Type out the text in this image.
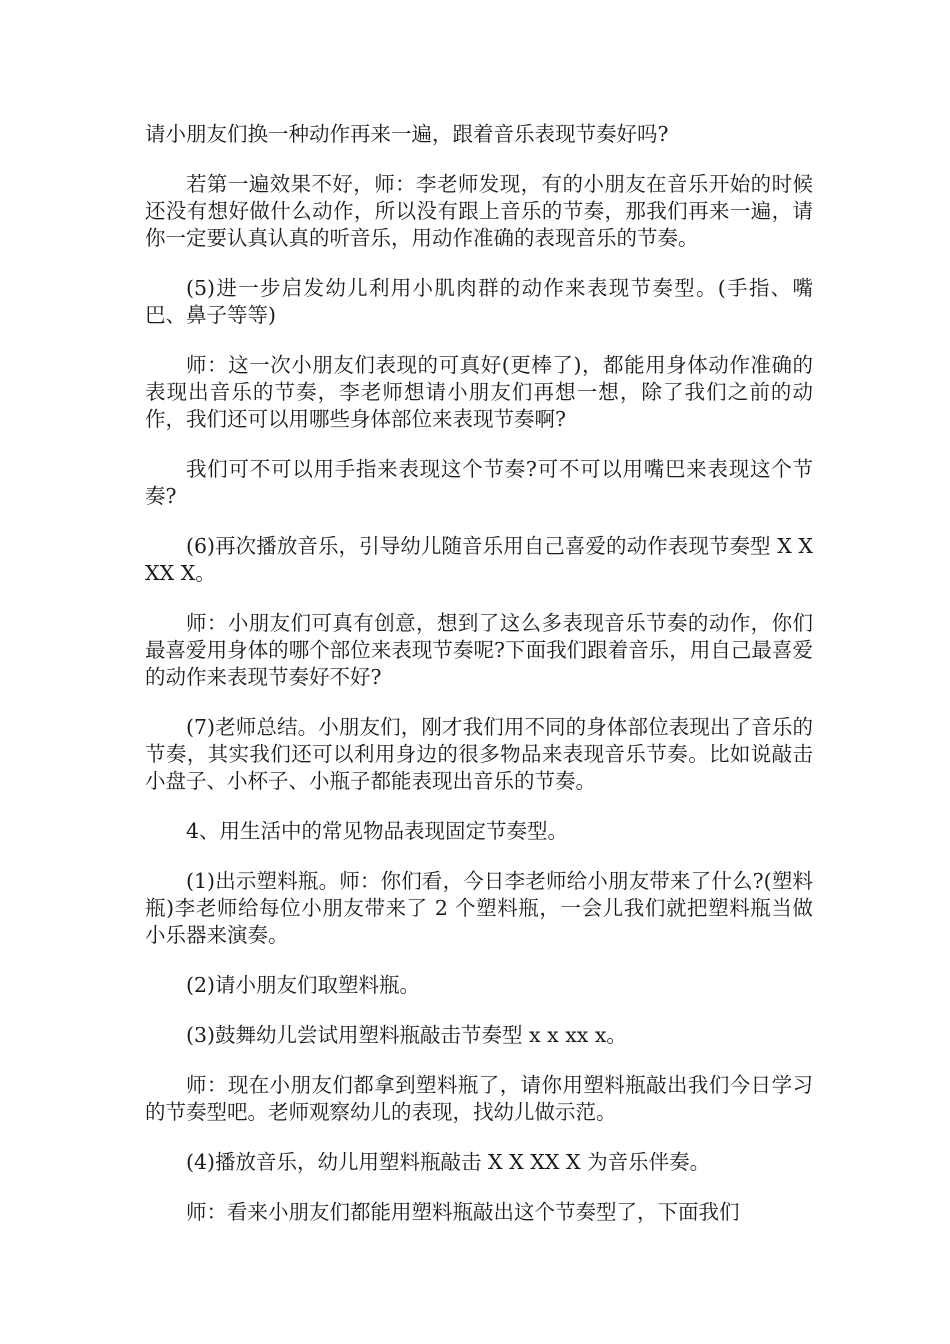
请小朋友们换一种动作再来一遍，跟着音乐表现节奏好吗?

若第一遍效果不好，师：李老师发现，有的小朋友在音乐开始的时候还没有想好做什么动作，所以没有跟上音乐的节奏，那我们再来一遍，请你一定要认真认真的听音乐，用动作准确的表现音乐的节奏。

(5)进一步启发幼儿利用小肌肉群的动作来表现节奏型。(手指、嘴巴、鼻子等等)

师：这一次小朋友们表现的可真好(更棒了)，都能用身体动作准确的表现出音乐的节奏，李老师想请小朋友们再想一想，除了我们之前的动作，我们还可以用哪些身体部位来表现节奏啊?

我们可不可以用手指来表现这个节奏?可不可以用嘴巴来表现这个节奏?

(6)再次播放音乐，引导幼儿随音乐用自己喜爱的动作表现节奏型 X X XX X。

师：小朋友们可真有创意，想到了这么多表现音乐节奏的动作，你们最喜爱用身体的哪个部位来表现节奏呢?下面我们跟着音乐，用自己最喜爱的动作来表现节奏好不好?

(7)老师总结。小朋友们，刚才我们用不同的身体部位表现出了音乐的节奏，其实我们还可以利用身边的很多物品来表现音乐节奏。比如说敲击小盘子、小杯子、小瓶子都能表现出音乐的节奏。

4、用生活中的常见物品表现固定节奏型。

(1)出示塑料瓶。师：你们看，今日李老师给小朋友带来了什么?(塑料瓶)李老师给每位小朋友带来了 2 个塑料瓶，一会儿我们就把塑料瓶当做小乐器来演奏。

(2)请小朋友们取塑料瓶。

(3)鼓舞幼儿尝试用塑料瓶敲击节奏型 x x xx x。

师：现在小朋友们都拿到塑料瓶了，请你用塑料瓶敲出我们今日学习的节奏型吧。老师观察幼儿的表现，找幼儿做示范。

(4)播放音乐，幼儿用塑料瓶敲击 X X XX X 为音乐伴奏。

师：看来小朋友们都能用塑料瓶敲出这个节奏型了，下面我们
